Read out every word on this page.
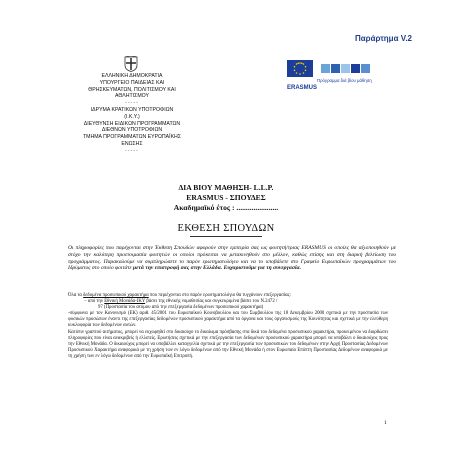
Παράρτημα V.2
ΕΛΛΗΝΙΚΗ ΔΗΜΟΚΡΑΤΙΑ
ΥΠΟΥΡΓΕΙΟ ΠΑΙΔΕΙΑΣ ΚΑΙ
ΘΡΗΣΚΕΥΜΑΤΩΝ, ΠΟΛΙΤΙΣΜΟΥ ΚΑΙ
ΑΘΛΗΤΙΣΜΟΥ
-----
ΙΔΡΥΜΑ ΚΡΑΤΙΚΩΝ ΥΠΟΤΡΟΦΙΩΝ
(Ι.Κ.Υ.)
ΔΙΕΥΘΥΝΣΗ ΕΙΔΙΚΩΝ ΠΡΟΓΡΑΜΜΑΤΩΝ
ΔΙΕΘΝΩΝ ΥΠΟΤΡΟΦΙΩΝ
ΤΜΗΜΑ ΠΡΟΓΡΑΜΜΑΤΩΝ ΕΥΡΩΠΑΪΚΗΣ
ΕΝΩΣΗΣ
-----
Πρόγραμμα διά βίου μάθηση
ERASMUS
ΔΙΑ ΒΙΟΥ ΜΑΘΗΣΗ- L.L.P.
ERASMUS - ΣΠΟΥΔΕΣ
Ακαδημαϊκό έτος : ......................
ΕΚΘΕΣΗ ΣΠΟΥΔΩΝ
Οι πληροφορίες που παρέχονται στην Έκθεση Σπουδών αφορούν στην εμπειρία σας ως φοιτητή/τριας ERASMUS οι οποίες θα αξιοποιηθούν με στόχο την καλύτερη προετοιμασία φοιτητών οι οποίοι πρόκειται να μετακινηθούν στο μέλλον, καθώς επίσης και στη διαρκή βελτίωση του προγράμματος. Παρακαλούμε να συμπληρώσετε το παρόν ερωτηματολόγιο και να το υποβάλετε στο Γραφείο Ευρωπαϊκών προγραμμάτων του Ιδρύματος στο οποίο φοιτάτε μετά την επιστροφή σας στην Ελλάδα. Ευχαριστούμε για τη συνεργασία.

Όλα τα δεδομένα προσωπικού χαρακτήρα που περιέχονται στο παρόν ερωτηματολόγιο θα τυγχάνουν επεξεργασίας:

− από την Εθνική Μονάδα-ΙΚΥ βάσει της εθνικής νομοθεσίας και συγκεκριμένα βάσει του Ν.2472 /

97 (Προστασία του ατόμου από την επεξεργασία δεδομένων προσωπικού χαρακτήρα)

-σύμφωνα με τον Κανονισμό (ΕΚ) αριθ. 45/2001 του Ευρωπαϊκού Κοινοβουλίου και του Συμβουλίου της 18 Δεκεμβρίου 2000 σχετικά με την προστασία των φυσικών προσώπων έναντι της επεξεργασίας δεδομένων προσωπικού χαρακτήρα από τα όργανα και τους οργανισμούς της Κοινότητας και σχετικά με την ελεύθερη κυκλοφορία των δεδομένων αυτών.

Κατόπιν γραπτού αιτήματος, μπορεί να εκχωρηθεί στο δικαιούχο το δικαίωμα πρόσβασης στα δικά του δεδομένα προσωπικού χαρακτήρα, προκειμένου να διορθώσει πληροφορίες που είναι ανακριβείς ή ελλιπείς. Ερωτήσεις σχετικά με την επεξεργασία των δεδομένων προσωπικού χαρακτήρα μπορεί να υποβάλει ο δικαιούχος προς την Εθνική Μονάδα. Ο δικαιούχος μπορεί να υποβάλλει καταγγελία σχετικά με την επεξεργασία των προσωπικών του δεδομένων στην Αρχή Προστασίας Δεδομένων Προσωπικού Χαρακτήρα αναφορικά με τη χρήση των εν λόγω δεδομένων από την Εθνική Μονάδα ή στον Ευρωπαίο Επόπτη Προστασίας Δεδομένων αναφορικά με τη χρήση των εν λόγω δεδομένων από την Ευρωπαϊκή Επιτροπή.

1
